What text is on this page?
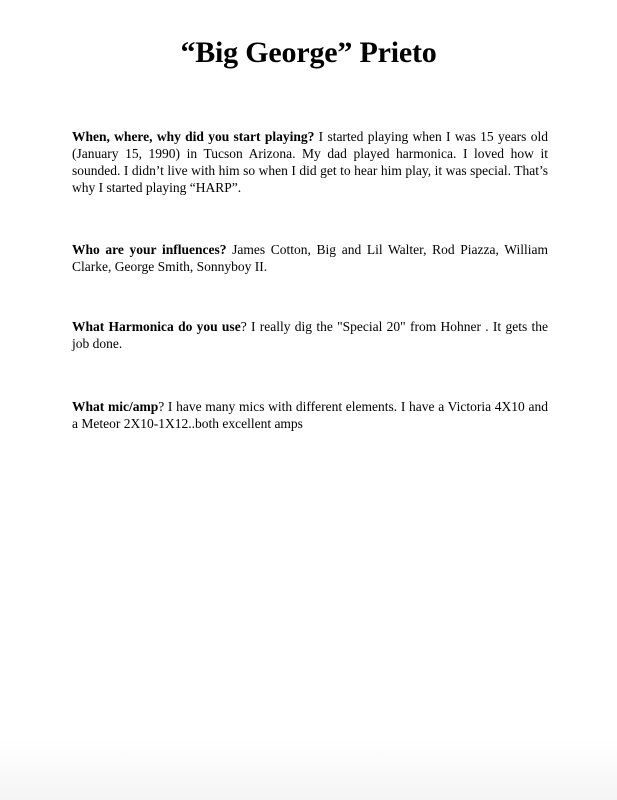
“Big George” Prieto

When, where, why did you start playing? I started playing when I was 15 years old (January 15, 1990) in Tucson Arizona. My dad played harmonica. I loved how it sounded. I didn’t live with him so when I did get to hear him play, it was special. That’s why I started playing “HARP”.

Who are your influences? James Cotton, Big and Lil Walter, Rod Piazza, William Clarke, George Smith, Sonnyboy II.

What Harmonica do you use? I really dig the "Special 20" from Hohner . It gets the job done.

What mic/amp? I have many mics with different elements. I have a Victoria 4X10 and a Meteor 2X10-1X12..both excellent amps
